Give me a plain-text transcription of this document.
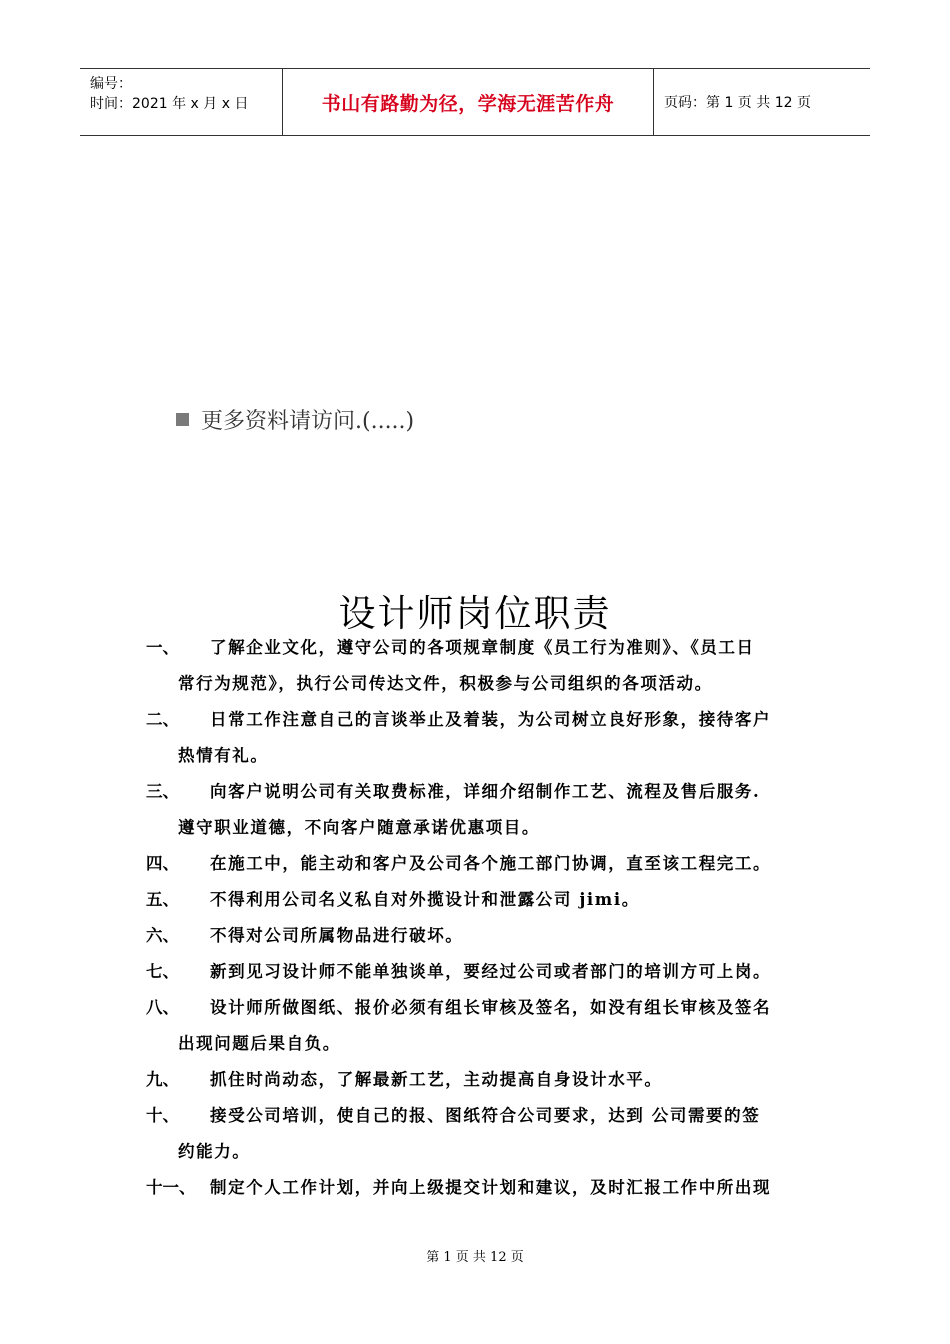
编号：
时间：2021 年 x 月 x 日	书山有路勤为径，学海无涯苦作舟	页码：第 1 页 共 12 页
更多资料请访问.(.....)
设计师岗位职责
一、	了解企业文化，遵守公司的各项规章制度《员工行为准则》、《员工日
常行为规范》，执行公司传达文件，积极参与公司组织的各项活动。
二、	日常工作注意自己的言谈举止及着装，为公司树立良好形象，接待客户
热情有礼。
三、	向客户说明公司有关取费标准，详细介绍制作工艺、流程及售后服务.
遵守职业道德，不向客户随意承诺优惠项目。
四、	在施工中，能主动和客户及公司各个施工部门协调，直至该工程完工。
五、	不得利用公司名义私自对外揽设计和泄露公司 jimi。
六、	不得对公司所属物品进行破坏。
七、	新到见习设计师不能单独谈单，要经过公司或者部门的培训方可上岗。
八、	设计师所做图纸、报价必须有组长审核及签名，如没有组长审核及签名
出现问题后果自负。
九、	抓住时尚动态，了解最新工艺，主动提高自身设计水平。
十、	接受公司培训，使自己的报、图纸符合公司要求，达到 公司需要的签
约能力。
十一、 制定个人工作计划，并向上级提交计划和建议，及时汇报工作中所出现
第 1 页 共 12 页
